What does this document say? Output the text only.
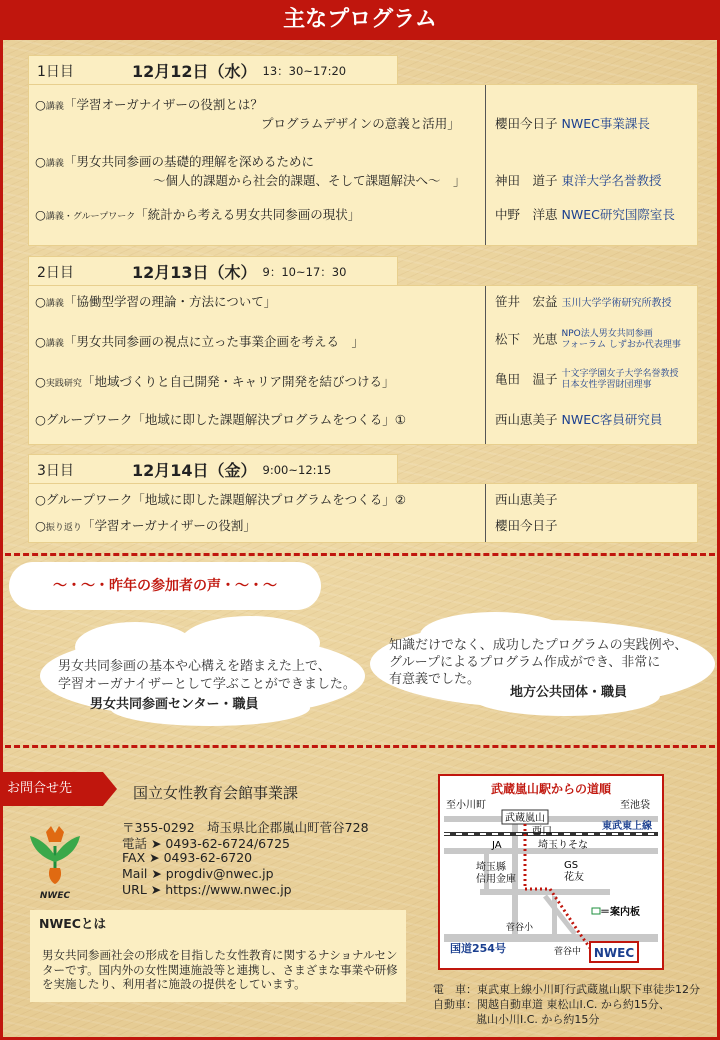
主なプログラム
1日目	12月12日（水） 13：30~17:20
○講義「学習オーガナイザーの役割とは？
プログラムデザインの意義と活用」	櫻田今日子 NWEC事業課長
○講義「男女共同参画の基礎的理解を深めるために
～個人的課題から社会的課題、そして課題解決へ～　」 神田　道子 東洋大学名誉教授
○講義・グループワーク「統計から考える男女共同参画の現状」	中野　洋恵 NWEC研究国際室長
2日目	12月13日（木） 9：10~17：30
○講義「協働型学習の理論・方法について」	笹井　宏益 玉川大学学術研究所教授
○講義「男女共同参画の視点に立った事業企画を考える　」	松下　光恵 NPO法人男女共同参画
フォーラム しずおか代表理事
○実践研究「地域づくりと自己開発・キャリア開発を結びつける」	亀田　温子 十文字学園女子大学名誉教授
日本女性学習財団理事
○グループワーク「地域に即した課題解決プログラムをつくる」①	西山恵美子 NWEC客員研究員
3日目	12月14日（金） 9:00~12:15
○グループワーク「地域に即した課題解決プログラムをつくる」②	西山恵美子
○振り返り「学習オーガナイザーの役割」	櫻田今日子
～・～・昨年の参加者の声・～・～
男女共同参画の基本や心構えを踏まえた上で、
学習オーガナイザーとして学ぶことができました。
男女共同参画センター・職員
知識だけでなく、成功したプログラムの実践例や、
グループによるプログラム作成ができ、非常に
有意義でした。
地方公共団体・職員
お問合せ先	国立女性教育会館事業課
〒355-0292　埼玉県比企郡嵐山町菅谷728
電話 ➤ 0493-62-6724/6725
FAX ➤ 0493-62-6720
Mail ➤ progdiv@nwec.jp
URL ➤ https://www.nwec.jp
NWEC
NWECとは
男女共同参画社会の形成を目指した女性教育に関するナショナルセンターです。国内外の女性関連施設等と連携し、さまざまな事業や研修を実施したり、利用者に施設の提供をしています。
武蔵嵐山駅からの道順
武蔵嵐山
至小川町	至池袋
東武東上線
西口
JA	埼玉りそな
GS
花友
埼玉縣
信用金庫
＝案内板
菅谷小
菅谷中
国道254号	NWEC
電　車：東武東上線小川町行武蔵嵐山駅下車徒歩12分
自動車：関越自動車道 東松山I.C. から約15分、
嵐山小川I.C. から約15分
